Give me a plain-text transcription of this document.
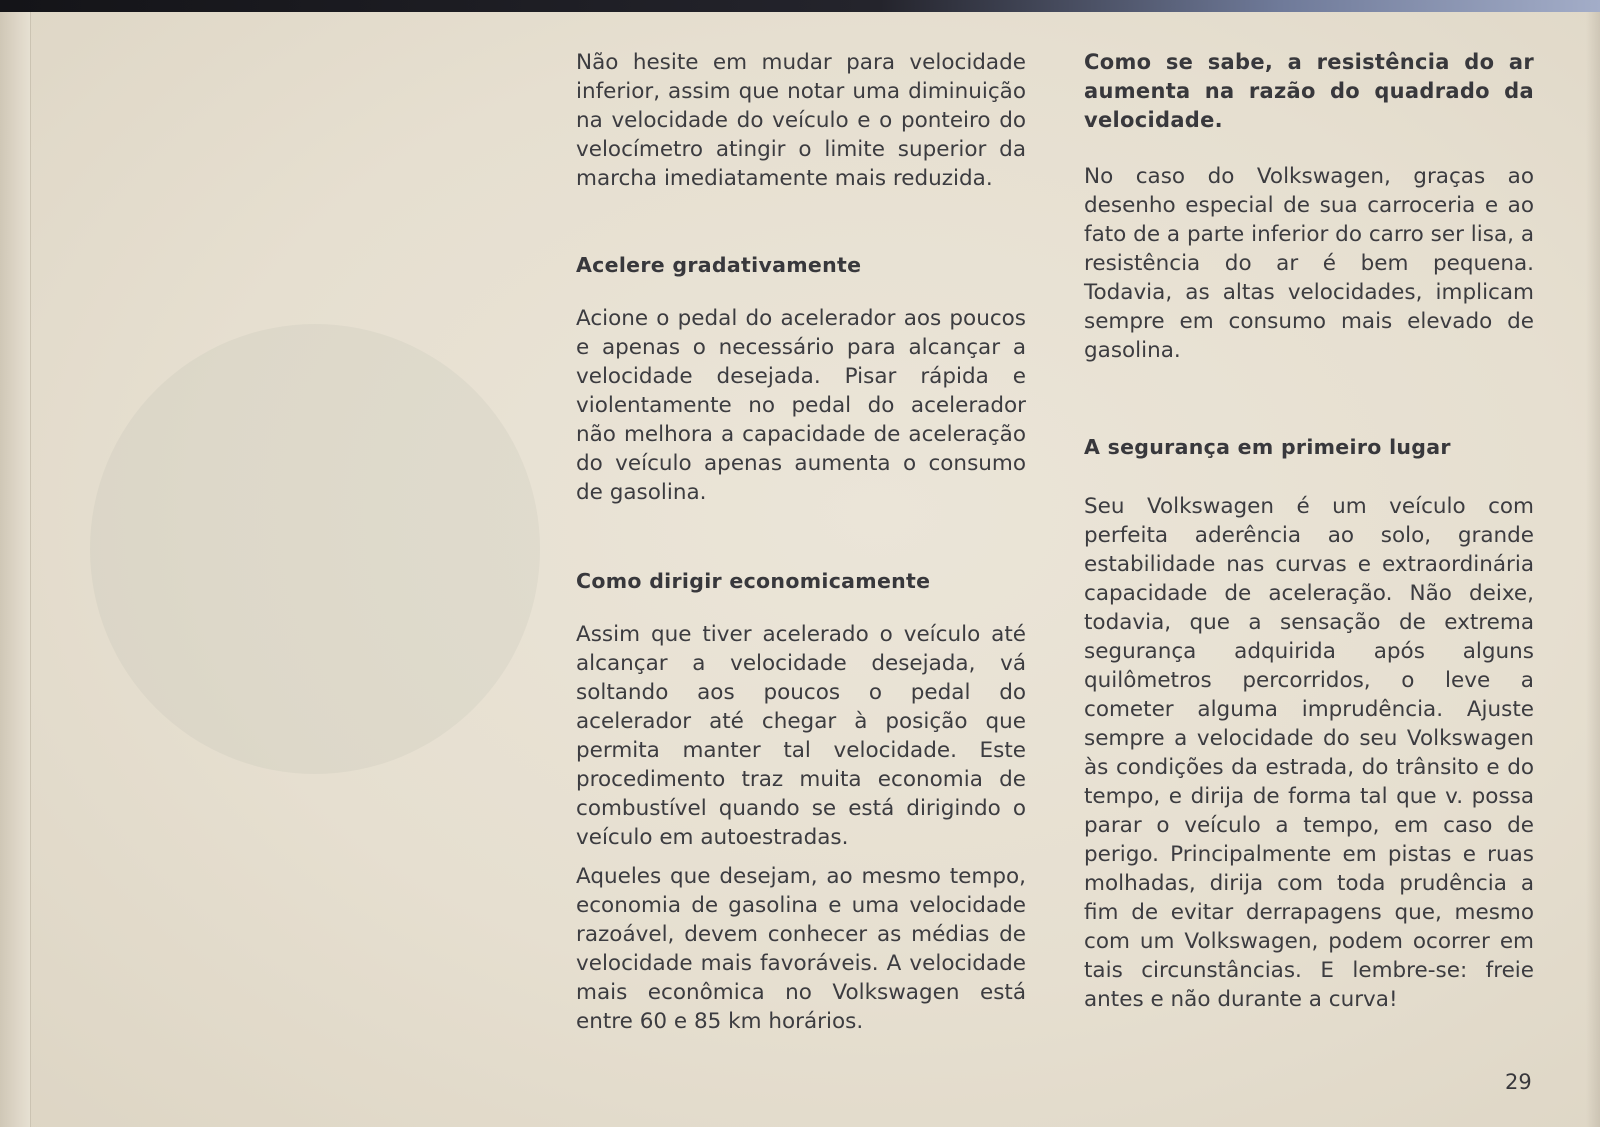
Não hesite em mudar para velocidade inferior, assim que notar uma diminuição na velocidade do veículo e o ponteiro do velocímetro atingir o limite superior da marcha imediatamente mais reduzida.

Acelere gradativamente

Acione o pedal do acelerador aos poucos e apenas o necessário para alcançar a velocidade desejada. Pisar rápida e violentamente no pedal do acelerador não melhora a capacidade de aceleração do veículo apenas aumenta o consumo de gasolina.

Como dirigir economicamente

Assim que tiver acelerado o veículo até alcançar a velocidade desejada, vá soltando aos poucos o pedal do acelerador até chegar à posição que permita manter tal velocidade. Este procedimento traz muita economia de combustível quando se está dirigindo o veículo em autoestradas.

Aqueles que desejam, ao mesmo tempo, economia de gasolina e uma velocidade razoável, devem conhecer as médias de velocidade mais favoráveis. A velocidade mais econômica no Volkswagen está entre 60 e 85 km horários.

Como se sabe, a resistência do ar aumenta na razão do quadrado da velocidade.

No caso do Volkswagen, graças ao desenho especial de sua carroceria e ao fato de a parte inferior do carro ser lisa, a resistência do ar é bem pequena. Todavia, as altas velocidades, implicam sempre em consumo mais elevado de gasolina.

A segurança em primeiro lugar

Seu Volkswagen é um veículo com perfeita aderência ao solo, grande estabilidade nas curvas e extraordinária capacidade de aceleração. Não deixe, todavia, que a sensação de extrema segurança adquirida após alguns quilômetros percorridos, o leve a cometer alguma imprudência. Ajuste sempre a velocidade do seu Volkswagen às condições da estrada, do trânsito e do tempo, e dirija de forma tal que v. possa parar o veículo a tempo, em caso de perigo. Principalmente em pistas e ruas molhadas, dirija com toda prudência a fim de evitar derrapagens que, mesmo com um Volkswagen, podem ocorrer em tais circunstâncias. E lembre-se: freie antes e não durante a curva!

29
